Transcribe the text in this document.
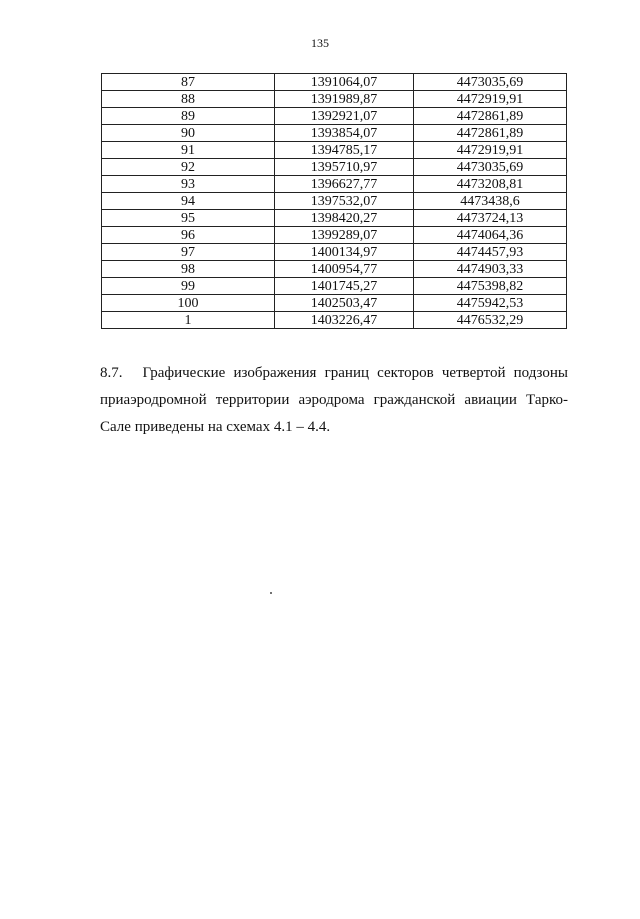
135
87	1391064,07	4473035,69
88	1391989,87	4472919,91
89	1392921,07	4472861,89
90	1393854,07	4472861,89
91	1394785,17	4472919,91
92	1395710,97	4473035,69
93	1396627,77	4473208,81
94	1397532,07	4473438,6
95	1398420,27	4473724,13
96	1399289,07	4474064,36
97	1400134,97	4474457,93
98	1400954,77	4474903,33
99	1401745,27	4475398,82
100	1402503,47	4475942,53
1	1403226,47	4476532,29
8.7. Графические изображения границ секторов четвертой подзоны
приаэродромной территории аэродрома гражданской авиации Тарко-Сале приведены на схемах 4.1 – 4.4.
